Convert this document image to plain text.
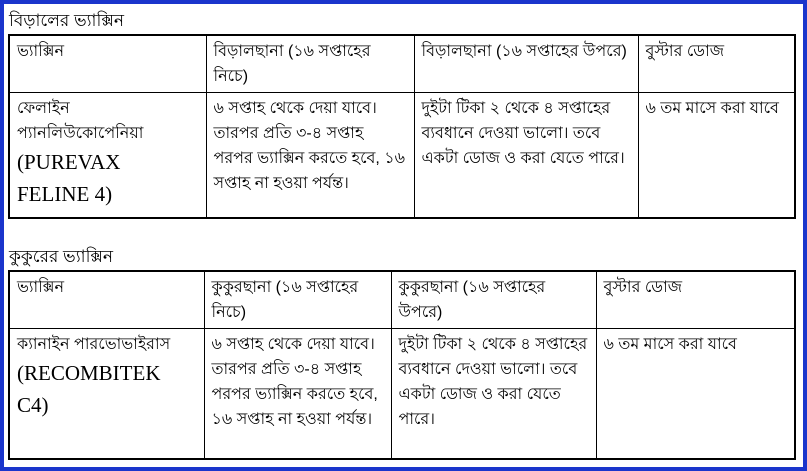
বিড়ালের ভ্যাক্সিন
ভ্যাক্সিন	বিড়ালছানা (১৬ সপ্তাহের নিচে)	বিড়ালছানা (১৬ সপ্তাহের উপরে)	বুস্টার ডোজ

ফেলাইন প্যানলিউকোপেনিয়া
(PUREVAX FELINE 4)	৬ সপ্তাহ থেকে দেয়া যাবে। তারপর প্রতি ৩-৪ সপ্তাহ পরপর ভ্যাক্সিন করতে হবে, ১৬ সপ্তাহ না হওয়া পর্যন্ত।	দুইটা টিকা ২ থেকে ৪ সপ্তাহের ব্যবধানে দেওয়া ভালো। তবে একটা ডোজ ও করা যেতে পারে।	৬ তম মাসে করা যাবে
কুকুরের ভ্যাক্সিন
ভ্যাক্সিন	কুকুরছানা (১৬ সপ্তাহের নিচে)	কুকুরছানা (১৬ সপ্তাহের উপরে)	বুস্টার ডোজ

ক্যানাইন পারভোভাইরাস
(RECOMBITEK C4)	৬ সপ্তাহ থেকে দেয়া যাবে। তারপর প্রতি ৩-৪ সপ্তাহ পরপর ভ্যাক্সিন করতে হবে, ১৬ সপ্তাহ না হওয়া পর্যন্ত।	দুইটা টিকা ২ থেকে ৪ সপ্তাহের ব্যবধানে দেওয়া ভালো। তবে একটা ডোজ ও করা যেতে পারে।	৬ তম মাসে করা যাবে
